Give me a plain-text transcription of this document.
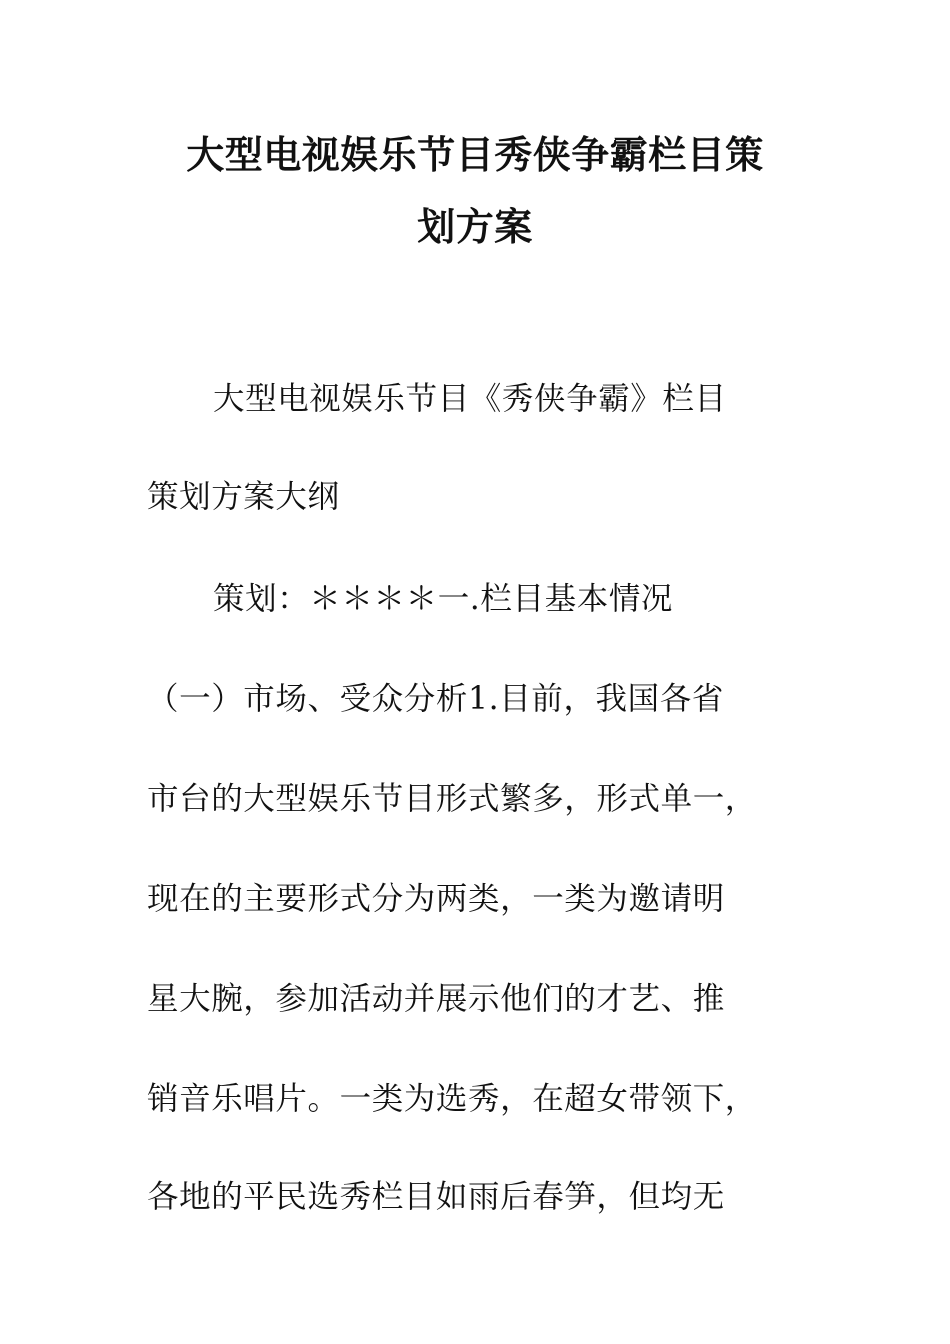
大型电视娱乐节目秀侠争霸栏目策
划方案
大型电视娱乐节目《秀侠争霸》栏目
策划方案大纲
策划：＊＊＊＊一.栏目基本情况
（一）市场、受众分析1.目前，我国各省
市台的大型娱乐节目形式繁多，形式单一，
现在的主要形式分为两类，一类为邀请明
星大腕，参加活动并展示他们的才艺、推
销音乐唱片。一类为选秀，在超女带领下，
各地的平民选秀栏目如雨后春笋，但均无
